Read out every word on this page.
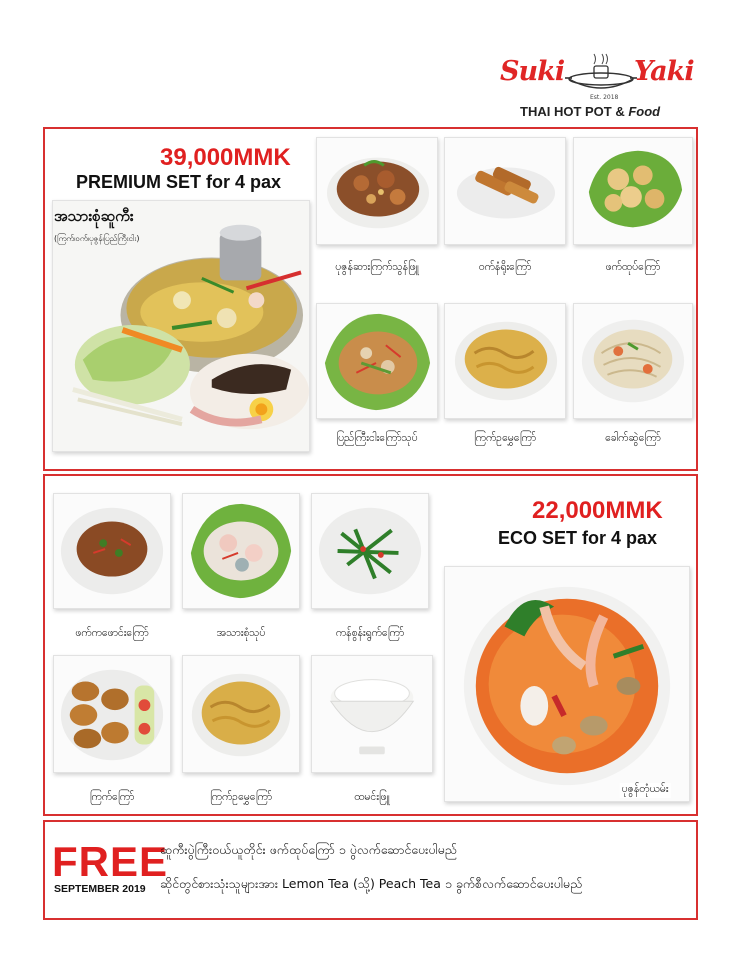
Suki
Est. 2018
Yaki
THAI HOT POT & Food
39,000MMK
PREMIUM SET for 4 pax
အသားစုံဆူကီး
(ကြက်၊ဝက်၊ပုဇွန်၊ပြည်ကြီးငါး)
ပုဇွန်ဆားကြက်သွန်ဖြူ	ဝက်နံရိုးကြော်	ဖက်ထုပ်ကြော်
ပြည်ကြီးငါးကြော်သုပ်	ကြက်ဥမွှေကြော်	ခေါက်ဆွဲကြော်
22,000MMK
ECO SET for 4 pax
ဖက်ကဖောင်းကြော်	အသားစုံသုပ်	ကန်စွန်းရွက်ကြော်
ကြက်ကြော်	ကြက်ဥမွှေကြော်	ထမင်းဖြူ
ပုဇွန်တုံယမ်း
FREE
SEPTEMBER 2019
ဆူကီးပွဲကြီးဝယ်ယူတိုင်း ဖက်ထုပ်ကြော် ၁ ပွဲလက်ဆောင်ပေးပါမည်
ဆိုင်တွင်စားသုံးသူများအား Lemon Tea (သို့) Peach Tea ၁ ခွက်စီလက်ဆောင်ပေးပါမည်
